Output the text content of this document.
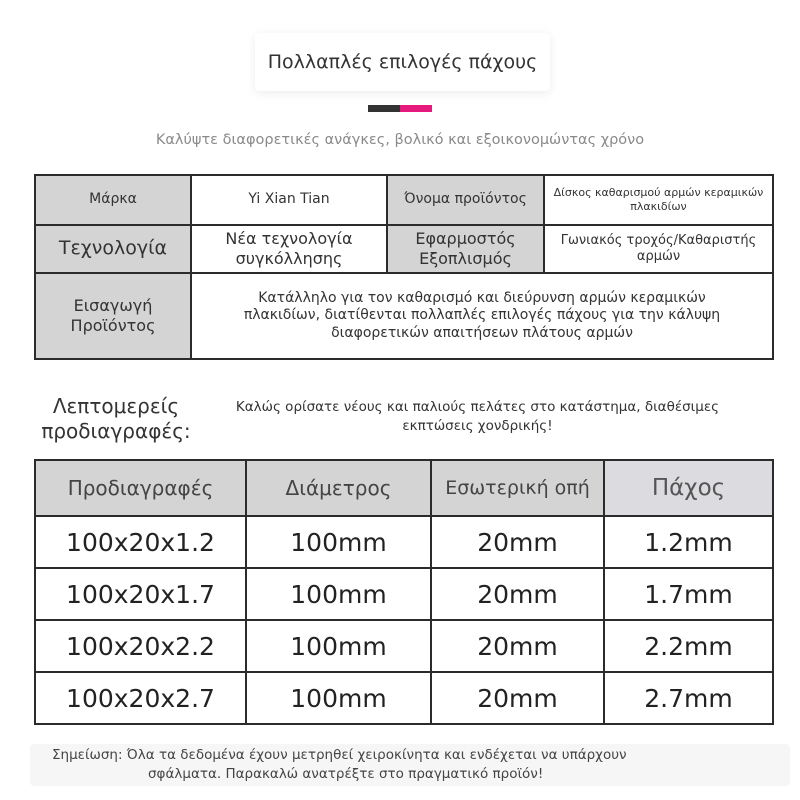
Πολλαπλές επιλογές πάχους
Καλύψτε διαφορετικές ανάγκες, βολικό και εξοικονομώντας χρόνο
Μάρκα	Yi Xian Tian	Όνομα προϊόντος	Δίσκος καθαρισμού αρμών κεραμικών πλακιδίων
Τεχνολογία	Νέα τεχνολογία συγκόλλησης	Εφαρμοστός Εξοπλισμός	Γωνιακός τροχός/Καθαριστής αρμών
Εισαγωγή Προϊόντος	Κατάλληλο για τον καθαρισμό και διεύρυνση αρμών κεραμικών πλακιδίων, διατίθενται πολλαπλές επιλογές πάχους για την κάλυψη διαφορετικών απαιτήσεων πλάτους αρμών		
Λεπτομερείς προδιαγραφές:
Καλώς ορίσατε νέους και παλιούς πελάτες στο κατάστημα, διαθέσιμες εκπτώσεις χονδρικής!
Προδιαγραφές	Διάμετρος	Εσωτερική οπή	Πάχος
100x20x1.2	100mm	20mm	1.2mm
100x20x1.7	100mm	20mm	1.7mm
100x20x2.2	100mm	20mm	2.2mm
100x20x2.7	100mm	20mm	2.7mm
Σημείωση: Όλα τα δεδομένα έχουν μετρηθεί χειροκίνητα και ενδέχεται να υπάρχουν
σφάλματα. Παρακαλώ ανατρέξτε στο πραγματικό προϊόν!
